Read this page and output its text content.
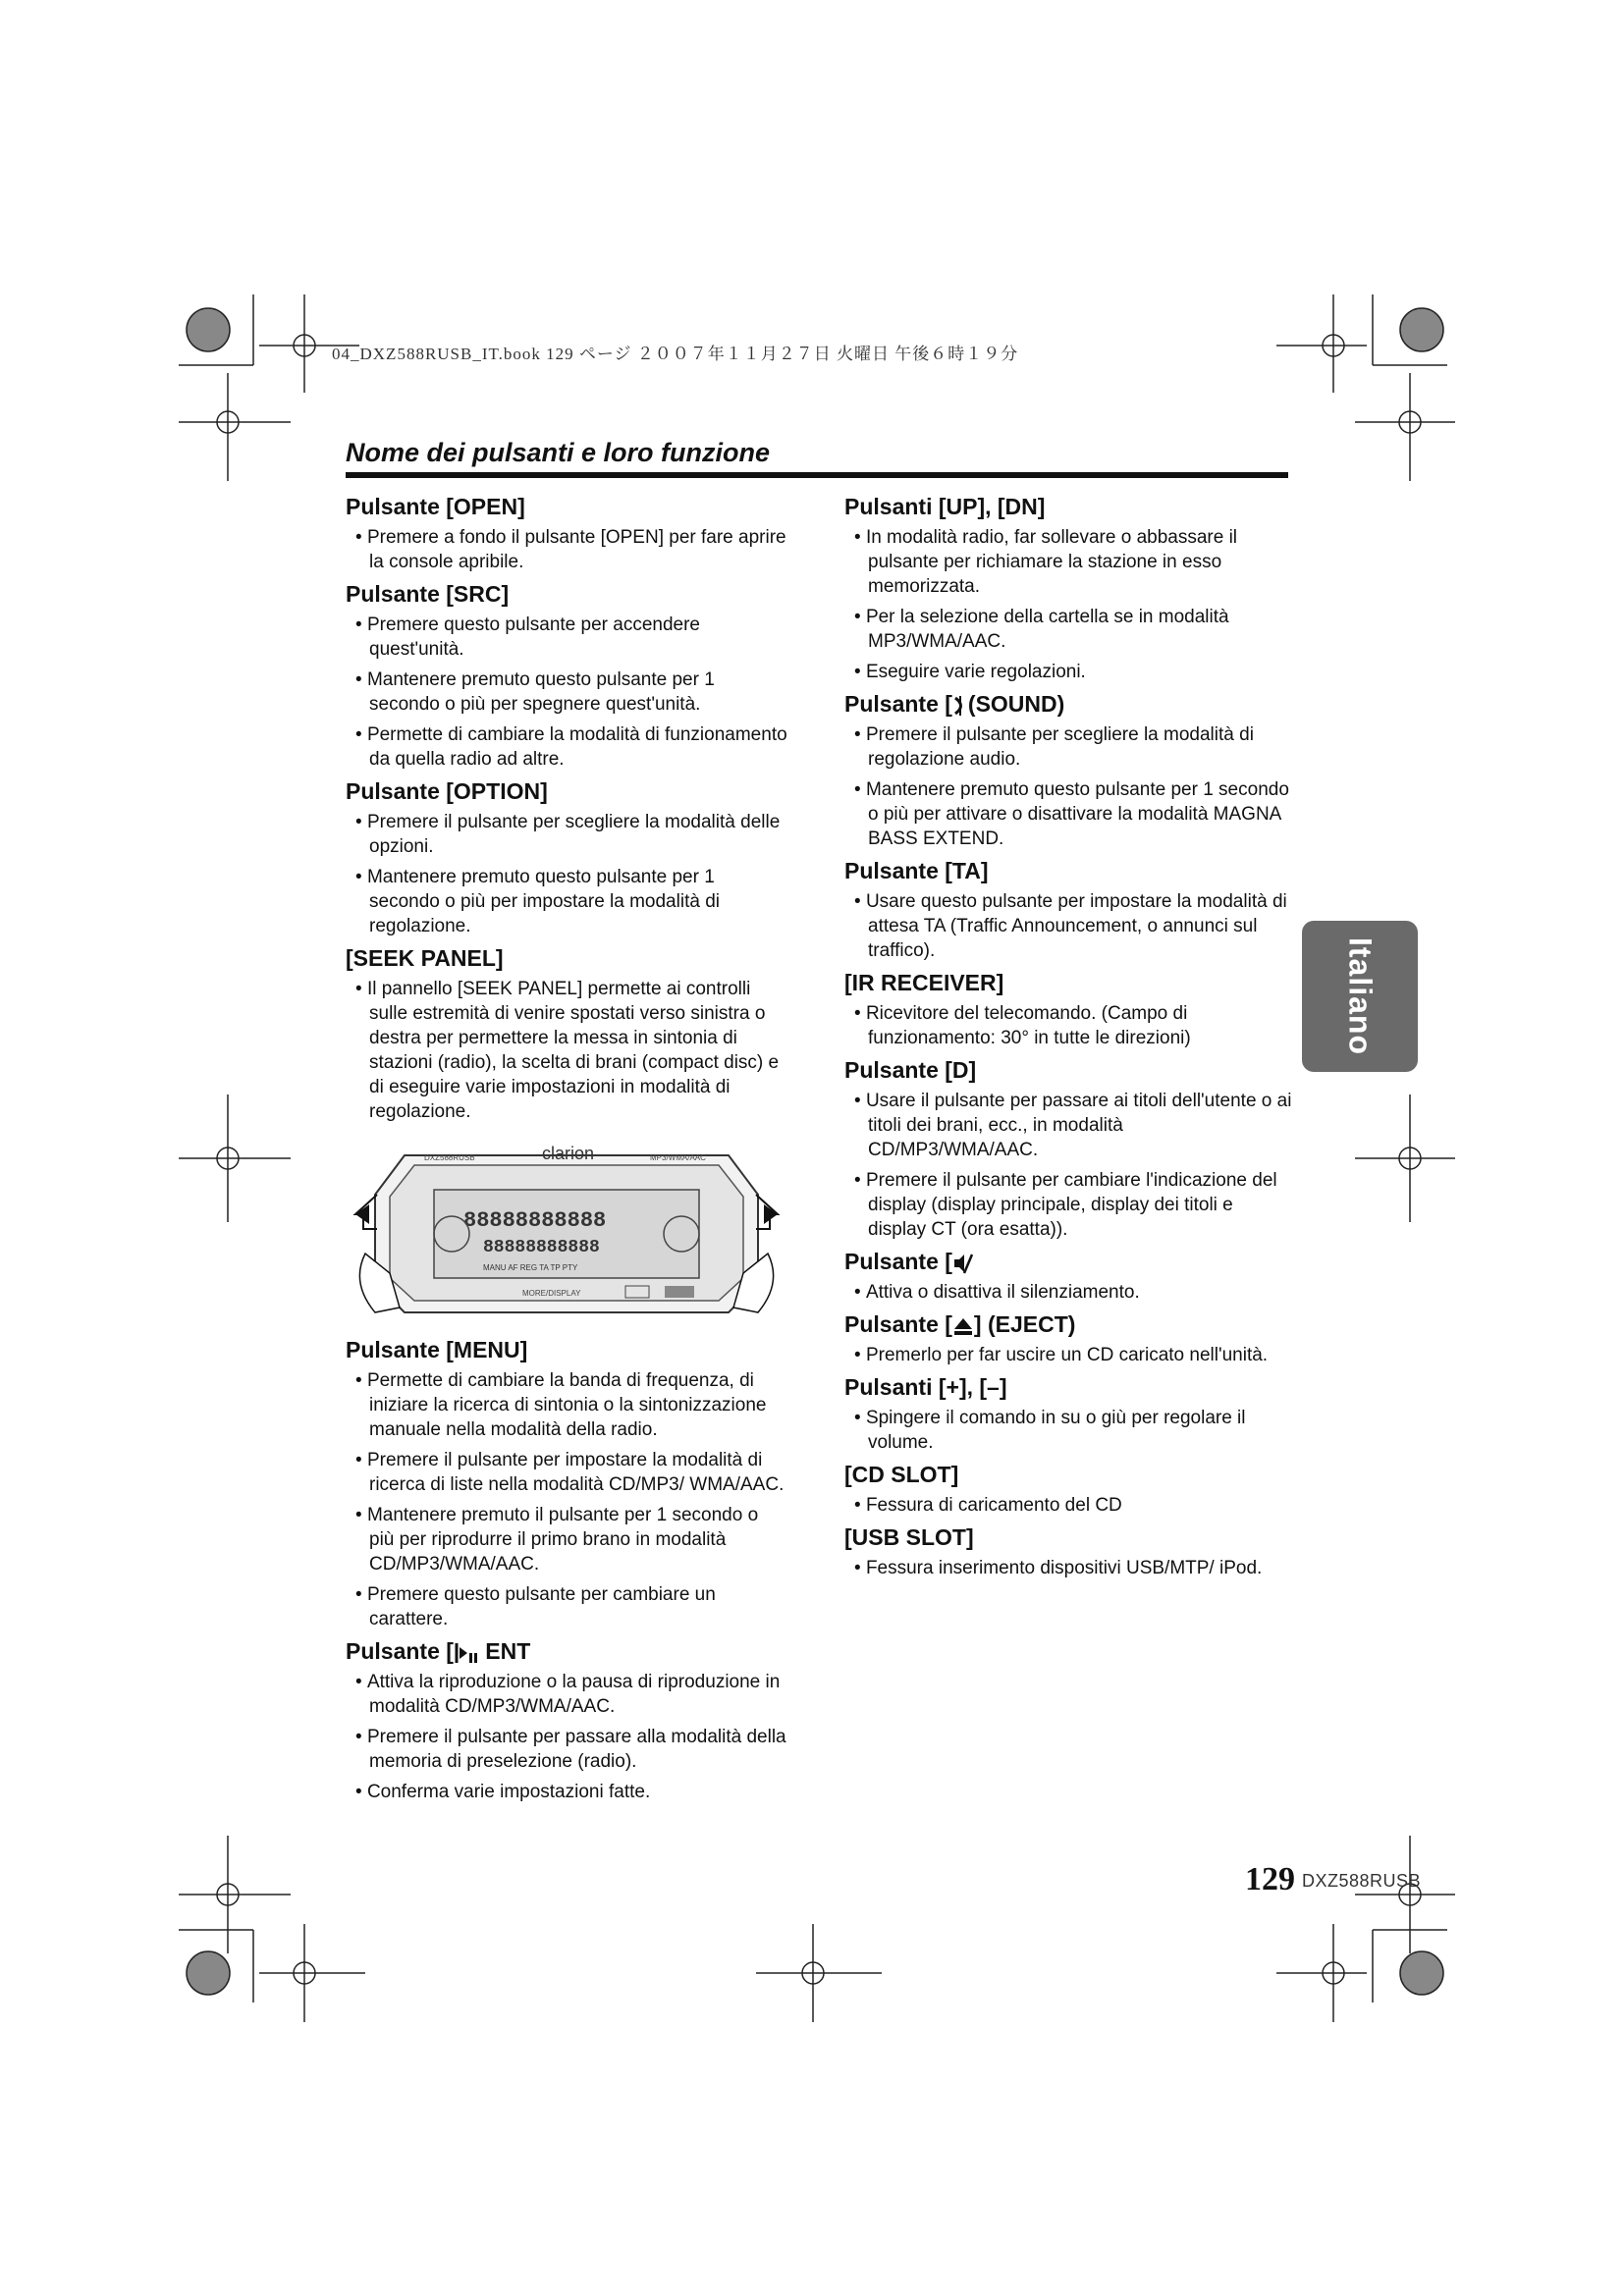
04_DXZ588RUSB_IT.book 129 ページ ２００７年１１月２７日 火曜日 午後６時１９分
Nome dei pulsanti e loro funzione
Pulsante [OPEN]
• Premere a fondo il pulsante [OPEN] per fare aprire la console apribile.
Pulsante [SRC]
• Premere questo pulsante per accendere quest'unità.
• Mantenere premuto questo pulsante per 1 secondo o più per spegnere quest'unità.
• Permette di cambiare la modalità di funzionamento da quella radio ad altre.
Pulsante [OPTION]
• Premere il pulsante per scegliere la modalità delle opzioni.
• Mantenere premuto questo pulsante per 1 secondo o più per impostare la modalità di regolazione.
[SEEK PANEL]
• Il pannello [SEEK PANEL] permette ai controlli sulle estremità di venire spostati verso sinistra o destra per permettere la messa in sintonia di stazioni (radio), la scelta di brani (compact disc) e di eseguire varie impostazioni in modalità di regolazione.
clarion
DXZ588RUSB	MP3/WMA/AAC
88888888888
88888888888
MANU AF REG TA TP PTY
MORE/DISPLAY
Pulsante [MENU]
• Permette di cambiare la banda di frequenza, di iniziare la ricerca di sintonia o la sintonizzazione manuale nella modalità della radio.
• Premere il pulsante per impostare la modalità di ricerca di liste nella modalità CD/MP3/ WMA/AAC.
• Mantenere premuto il pulsante per 1 secondo o più per riprodurre il primo brano in modalità CD/MP3/WMA/AAC.
• Premere questo pulsante per cambiare un carattere.
Pulsante [ ENT
• Attiva la riproduzione o la pausa di riproduzione in modalità CD/MP3/WMA/AAC.
• Premere il pulsante per passare alla modalità della memoria di preselezione (radio).
• Conferma varie impostazioni fatte.
Pulsanti [UP], [DN]
• In modalità radio, far sollevare o abbassare il pulsante per richiamare la stazione in esso memorizzata.
• Per la selezione della cartella se in modalità MP3/WMA/AAC.
• Eseguire varie regolazioni.
Pulsante [ (SOUND)
• Premere il pulsante per scegliere la modalità di regolazione audio.
• Mantenere premuto questo pulsante per 1 secondo o più per attivare o disattivare la modalità MAGNA BASS EXTEND.
Pulsante [TA]
• Usare questo pulsante per impostare la modalità di attesa TA (Traffic Announcement, o annunci sul traffico).
[IR RECEIVER]
• Ricevitore del telecomando. (Campo di funzionamento: 30° in tutte le direzioni)
Pulsante [D]
• Usare il pulsante per passare ai titoli dell'utente o ai titoli dei brani, ecc., in modalità CD/MP3/WMA/AAC.
• Premere il pulsante per cambiare l'indicazione del display (display principale, display dei titoli e display CT (ora esatta)).
Pulsante [
• Attiva o disattiva il silenziamento.
Pulsante [ ] (EJECT)
• Premerlo per far uscire un CD caricato nell'unità.
Pulsanti [+], [–]
• Spingere il comando in su o giù per regolare il volume.
[CD SLOT]
• Fessura di caricamento del CD
[USB SLOT]
• Fessura inserimento dispositivi USB/MTP/ iPod.
Italiano
129 DXZ588RUSB
